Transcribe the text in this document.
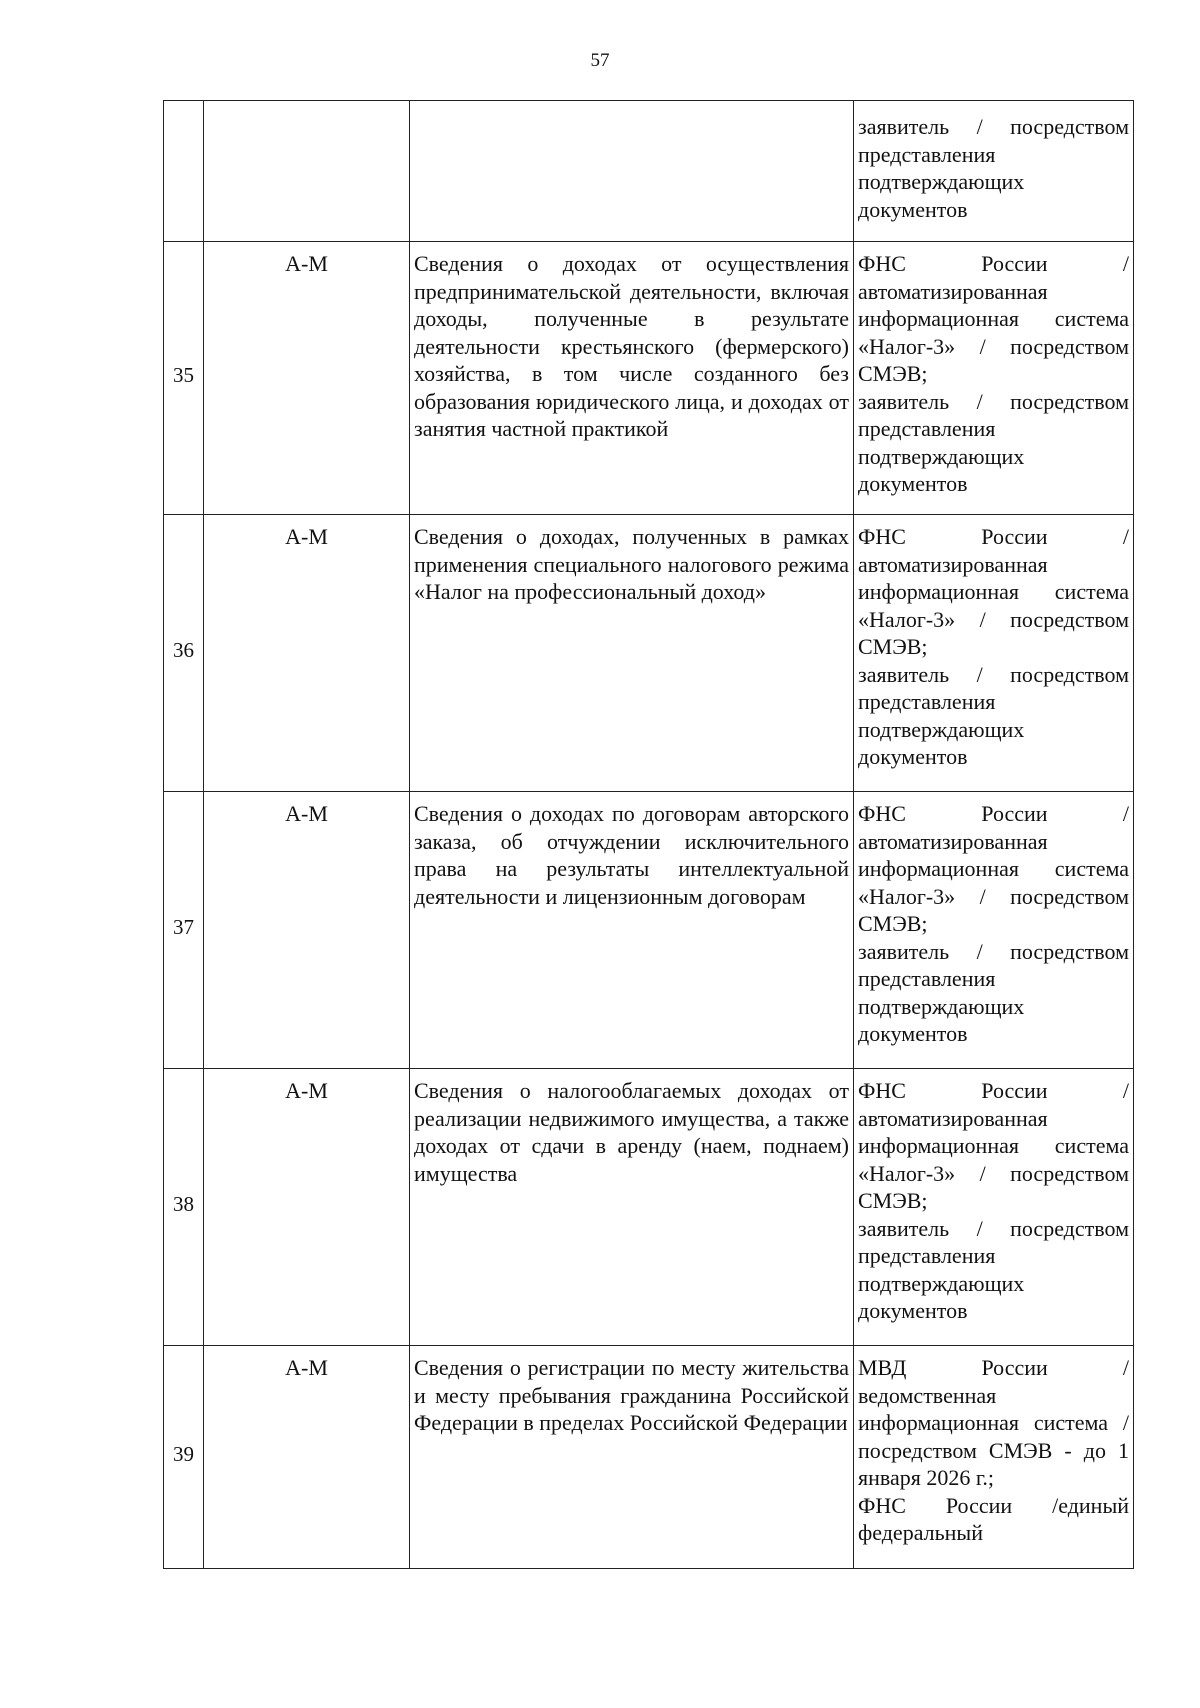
57

			заявитель / посредством представления подтверждающих документов

35	А-М	Сведения о доходах от осуществления предпринимательской деятельности, включая доходы, полученные в результате деятельности крестьянского (фермерского) хозяйства, в том числе созданного без образования юридического лица, и доходах от занятия частной практикой	ФНС России / автоматизированная информационная система «Налог-3» / посредством СМЭВ;

заявитель / посредством представления подтверждающих документов

36	А-М	Сведения о доходах, полученных в рамках применения специального налогового режима «Налог на профессиональный доход»	ФНС России / автоматизированная информационная система «Налог-3» / посредством СМЭВ;

заявитель / посредством представления подтверждающих документов

37	А-М	Сведения о доходах по договорам авторского заказа, об отчуждении исключительного права на результаты интеллектуальной деятельности и лицензионным договорам	ФНС России / автоматизированная информационная система «Налог-3» / посредством СМЭВ;

заявитель / посредством представления подтверждающих документов

38	А-М	Сведения о налогооблагаемых доходах от реализации недвижимого имущества, а также доходах от сдачи в аренду (наем, поднаем) имущества	ФНС России / автоматизированная информационная система «Налог-3» / посредством СМЭВ;

заявитель / посредством представления подтверждающих документов

39	А-М	Сведения о регистрации по месту жительства и месту пребывания гражданина Российской Федерации в пределах Российской Федерации	МВД России / ведомственная информационная система / посредством СМЭВ - до 1 января 2026 г.;

ФНС России /единый федеральный
